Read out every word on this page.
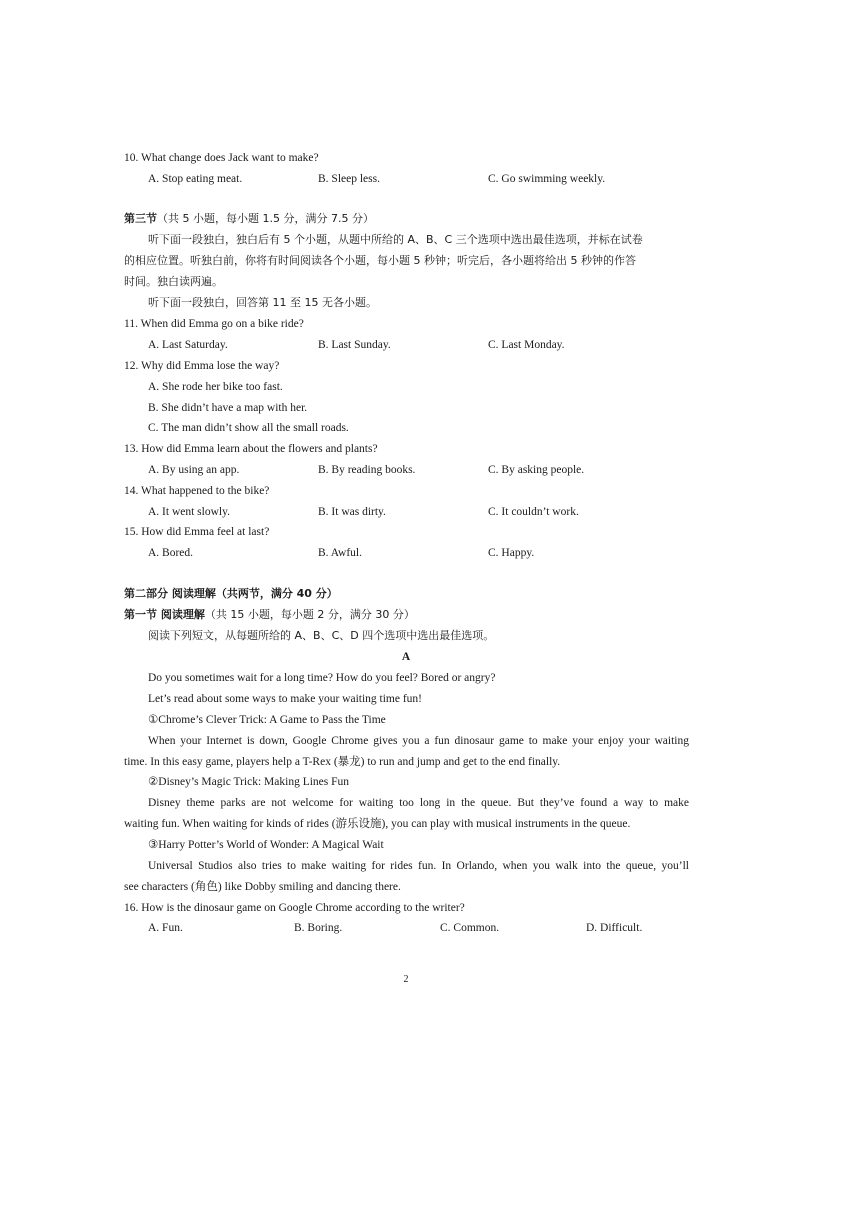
10. What change does Jack want to make?
A. Stop eating meat.	B. Sleep less.	C. Go swimming weekly.
第三节（共 5 小题，每小题 1.5 分，满分 7.5 分）
听下面一段独白，独白后有 5 个小题，从题中所给的 A、B、C 三个选项中选出最佳选项，并标在试卷
的相应位置。听独白前，你将有时间阅读各个小题，每小题 5 秒钟；听完后，各小题将给出 5 秒钟的作答
时间。独白读两遍。
听下面一段独白，回答第 11 至 15 无各小题。
11. When did Emma go on a bike ride?
A. Last Saturday.	B. Last Sunday.	C. Last Monday.
12. Why did Emma lose the way?
A. She rode her bike too fast.
B. She didn’t have a map with her.
C. The man didn’t show all the small roads.
13. How did Emma learn about the flowers and plants?
A. By using an app.	B. By reading books.	C. By asking people.
14. What happened to the bike?
A. It went slowly.	B. It was dirty.	C. It couldn’t work.
15. How did Emma feel at last?
A. Bored.	B. Awful.	C. Happy.
第二部分 阅读理解（共两节，满分 40 分）
第一节 阅读理解（共 15 小题，每小题 2 分，满分 30 分）
阅读下列短文，从每题所给的 A、B、C、D 四个选项中选出最佳选项。
A
Do you sometimes wait for a long time? How do you feel? Bored or angry?
Let’s read about some ways to make your waiting time fun!
①Chrome’s Clever Trick: A Game to Pass the Time
When your Internet is down, Google Chrome gives you a fun dinosaur game to make your enjoy your waiting
time. In this easy game, players help a T-Rex (暴龙) to run and jump and get to the end finally.
②Disney’s Magic Trick: Making Lines Fun
Disney theme parks are not welcome for waiting too long in the queue. But they’ve found a way to make
waiting fun. When waiting for kinds of rides (游乐设施), you can play with musical instruments in the queue.
③Harry Potter’s World of Wonder: A Magical Wait
Universal Studios also tries to make waiting for rides fun. In Orlando, when you walk into the queue, you’ll
see characters (角色) like Dobby smiling and dancing there.
16. How is the dinosaur game on Google Chrome according to the writer?
A. Fun.	B. Boring.	C. Common.	D. Difficult.
2
